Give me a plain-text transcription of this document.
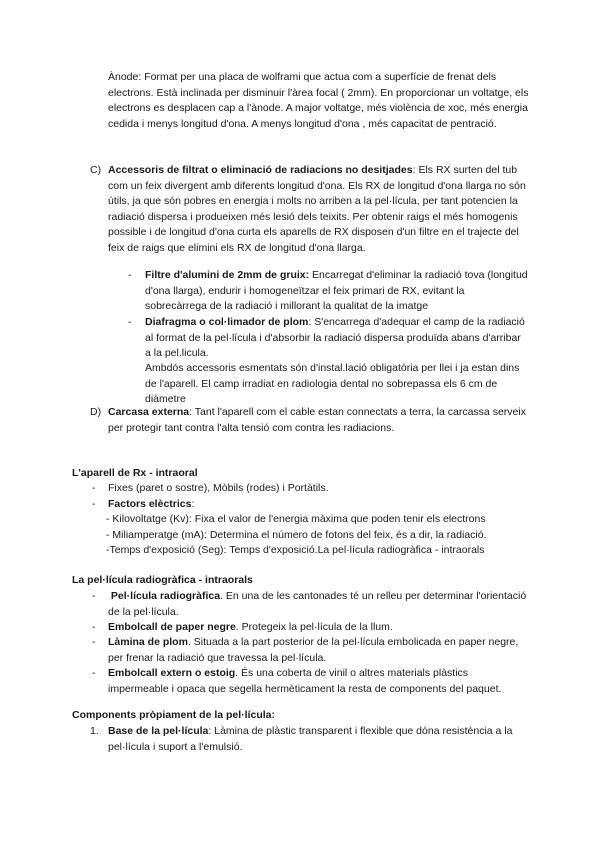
Ànode: Format per una placa de wolframi que actua com a superfície de frenat dels electrons. Està inclinada per disminuir l'àrea focal ( 2mm). En proporcionar un voltatge, els electrons es desplacen cap a l'ànode. A major voltatge, més violència de xoc, més energia cedida i menys longitud d'ona. A menys longitud d'ona , més capacitat de pentració.

C) Accessoris de filtrat o eliminació de radiacions no desitjades: Els RX surten del tub com un feix divergent amb diferents longitud d'ona. Els RX de longitud d'ona llarga no són útils, ja que són pobres en energia i molts no arriben a la pel·lícula, per tant potencien la radiació dispersa i produeixen més lesió dels teixits. Per obtenir raigs el més homogenis possible i de longitud d'ona curta els aparells de RX disposen d'un filtre en el trajecte del feix de raigs que elimini els RX de longitud d'ona llarga.

- Filtre d'alumini de 2mm de gruix: Encarregat d'eliminar la radiació tova (longitud d'ona llarga), endurir i homogeneïtzar el feix primari de RX, evitant la sobrecàrrega de la radiació i millorant la qualitat de la imatge

- Diafragma o col·limador de plom: S'encarrega d'adequar el camp de la radiació al format de la pel·lícula i d'absorbir la radiació dispersa produïda abans d'arribar a la pel.licula.

Ambdós accessoris esmentats són d'instal.lació obligatòria per llei i ja estan dins de l'aparell. El camp irradiat en radiologia dental no sobrepassa els 6 cm de diàmetre

D) Carcasa externa: Tant l'aparell com el cable estan connectats a terra, la carcassa serveix per protegir tant contra l'alta tensió com contra les radiacions.

L'aparell de Rx - intraoral

- Fixes (paret o sostre), Mòbils (rodes) i Portàtils.

- Factors elèctrics:

- Kilovoltatge (Kv): Fixa el valor de l'energia màxima que poden tenir els electrons

- Miliamperatge (mA): Determina el número de fotons del feix, és a dir, la radiació.

-Temps d'exposició (Seg): Temps d'exposició.La pel·lícula radiogràfica - intraorals

La pel·lícula radiogràfica - intraorals

- Pel·lícula radiogràfica. En una de les cantonades té un relleu per determinar l'orientació de la pel·lícula.

- Embolcall de paper negre. Protegeix la pel·lícula de la llum.

- Làmina de plom. Situada a la part posterior de la pel·lícula embolicada en paper negre, per frenar la radiació que travessa la pel·lícula.

- Embolcall extern o estoig. És una coberta de vinil o altres materials plàstics impermeable i opaca que segella hermèticament la resta de components del paquet.

Components pròpiament de la pel·lícula:

1. Base de la pel·lícula: Làmina de plàstic transparent i flexible que dóna resistència a la pel·lícula i suport a l'emulsió.
